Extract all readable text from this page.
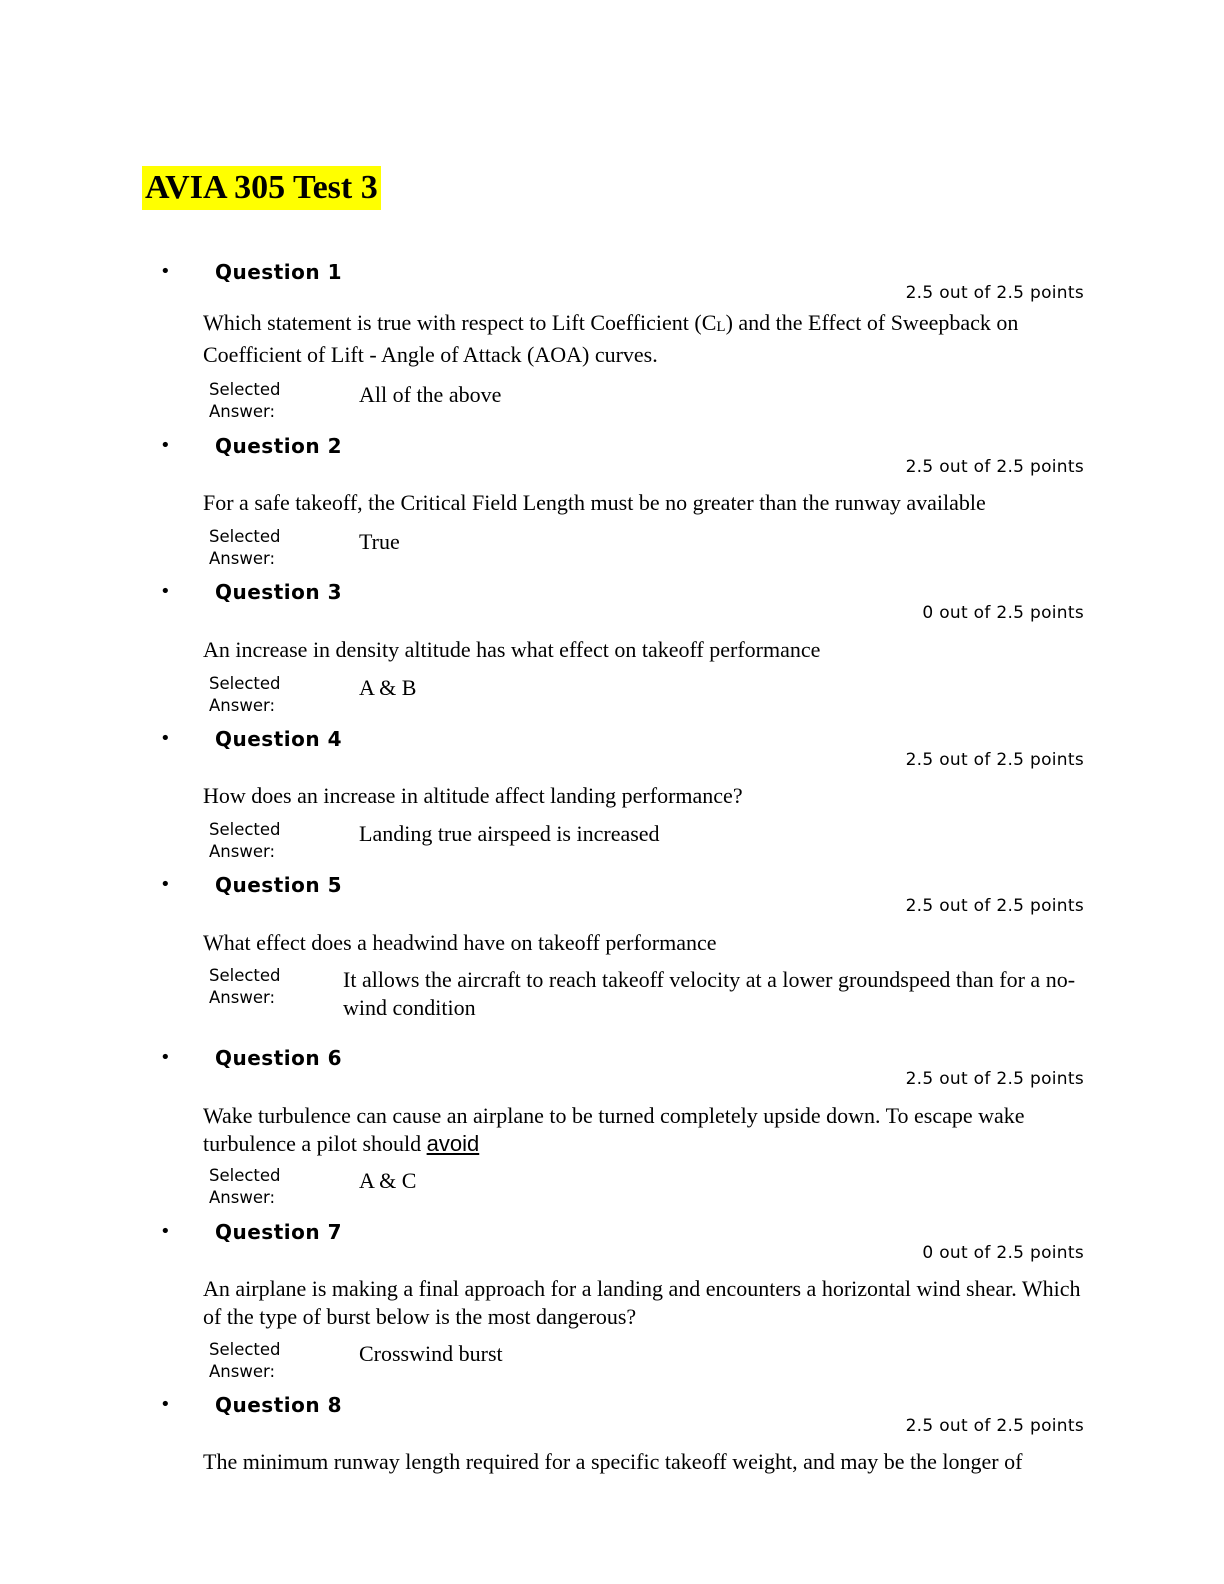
AVIA 305 Test 3
• Question 1
2.5 out of 2.5 points
Which statement is true with respect to Lift Coefficient $(C_L)$ and the Effect of Sweepback on Coefficient of Lift - Angle of Attack (AOA) curves.
Selected
Answer:
All of the above
• Question 2
2.5 out of 2.5 points
For a safe takeoff, the Critical Field Length must be no greater than the runway available
Selected
Answer:
True
• Question 3
0 out of 2.5 points
An increase in density altitude has what effect on takeoff performance
Selected
Answer:
A & B
• Question 4
2.5 out of 2.5 points
How does an increase in altitude affect landing performance?
Selected
Answer:
Landing true airspeed is increased
• Question 5
2.5 out of 2.5 points
What effect does a headwind have on takeoff performance
Selected
Answer:
It allows the aircraft to reach takeoff velocity at a lower groundspeed than for a no-wind condition
• Question 6
2.5 out of 2.5 points
Wake turbulence can cause an airplane to be turned completely upside down. To escape wake turbulence a pilot should avoid
Selected
Answer:
A & C
• Question 7
0 out of 2.5 points
An airplane is making a final approach for a landing and encounters a horizontal wind shear. Which of the type of burst below is the most dangerous?
Selected
Answer:
Crosswind burst
• Question 8
2.5 out of 2.5 points
The minimum runway length required for a specific takeoff weight, and may be the longer of
